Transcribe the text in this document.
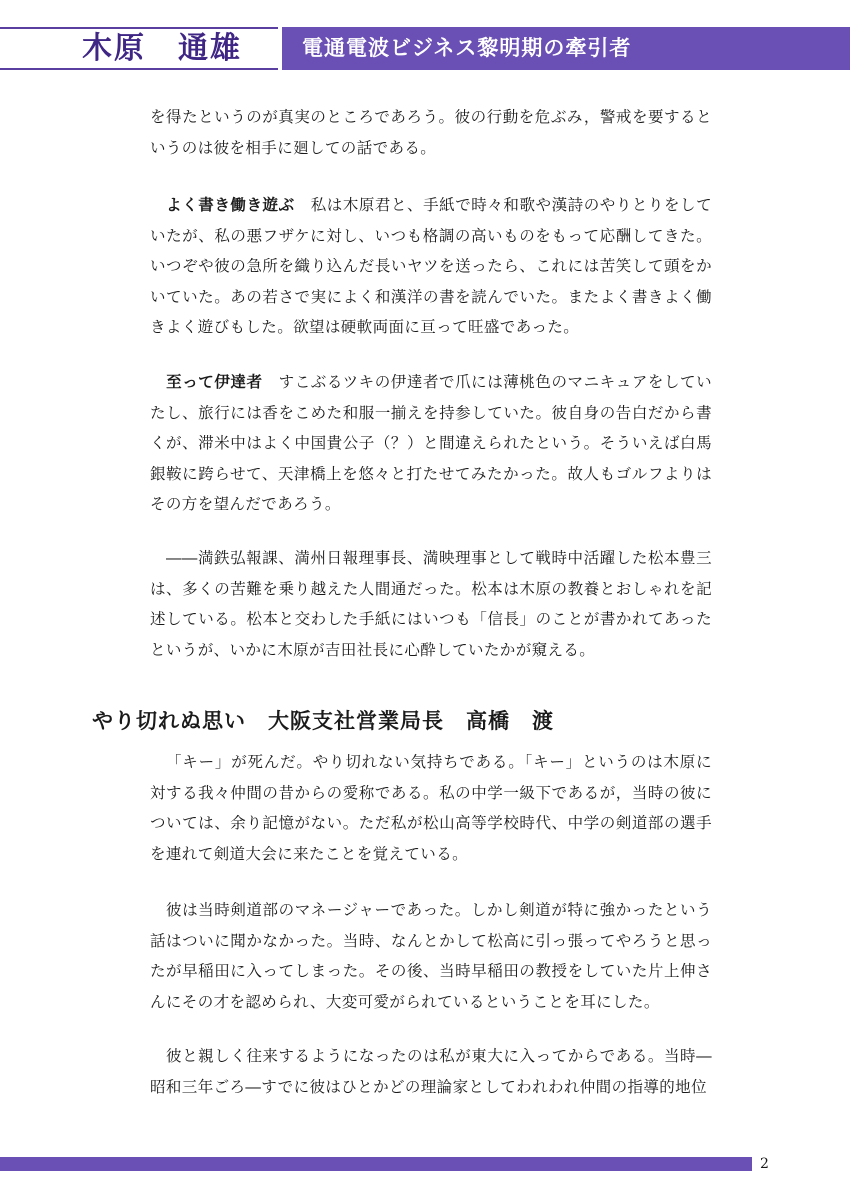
木原　通雄	電通電波ビジネス黎明期の牽引者

を得たというのが真実のところであろう。彼の行動を危ぶみ，警戒を要するというのは彼を相手に廻しての話である。

よく書き働き遊ぶ　私は木原君と、手紙で時々和歌や漢詩のやりとりをしていたが、私の悪フザケに対し、いつも格調の高いものをもって応酬してきた。いつぞや彼の急所を織り込んだ長いヤツを送ったら、これには苦笑して頭をかいていた。あの若さで実によく和漢洋の書を読んでいた。またよく書きよく働きよく遊びもした。欲望は硬軟両面に亘って旺盛であった。

至って伊達者　すこぶるツキの伊達者で爪には薄桃色のマニキュアをしていたし、旅行には香をこめた和服一揃えを持参していた。彼自身の告白だから書くが、滞米中はよく中国貴公子（？）と間違えられたという。そういえば白馬銀鞍に跨らせて、天津橋上を悠々と打たせてみたかった。故人もゴルフよりはその方を望んだであろう。

――満鉄弘報課、満州日報理事長、満映理事として戦時中活躍した松本豊三は、多くの苦難を乗り越えた人間通だった。松本は木原の教養とおしゃれを記述している。松本と交わした手紙にはいつも「信長」のことが書かれてあったというが、いかに木原が吉田社長に心酔していたかが窺える。

やり切れぬ思い　大阪支社営業局長　高橋　渡

「キー」が死んだ。やり切れない気持ちである。「キー」というのは木原に対する我々仲間の昔からの愛称である。私の中学一級下であるが，当時の彼については、余り記憶がない。ただ私が松山高等学校時代、中学の剣道部の選手を連れて剣道大会に来たことを覚えている。

彼は当時剣道部のマネージャーであった。しかし剣道が特に強かったという話はついに聞かなかった。当時、なんとかして松高に引っ張ってやろうと思ったが早稲田に入ってしまった。その後、当時早稲田の教授をしていた片上伸さんにその才を認められ、大変可愛がられているということを耳にした。

彼と親しく往来するようになったのは私が東大に入ってからである。当時―昭和三年ごろ―すでに彼はひとかどの理論家としてわれわれ仲間の指導的地位

2
